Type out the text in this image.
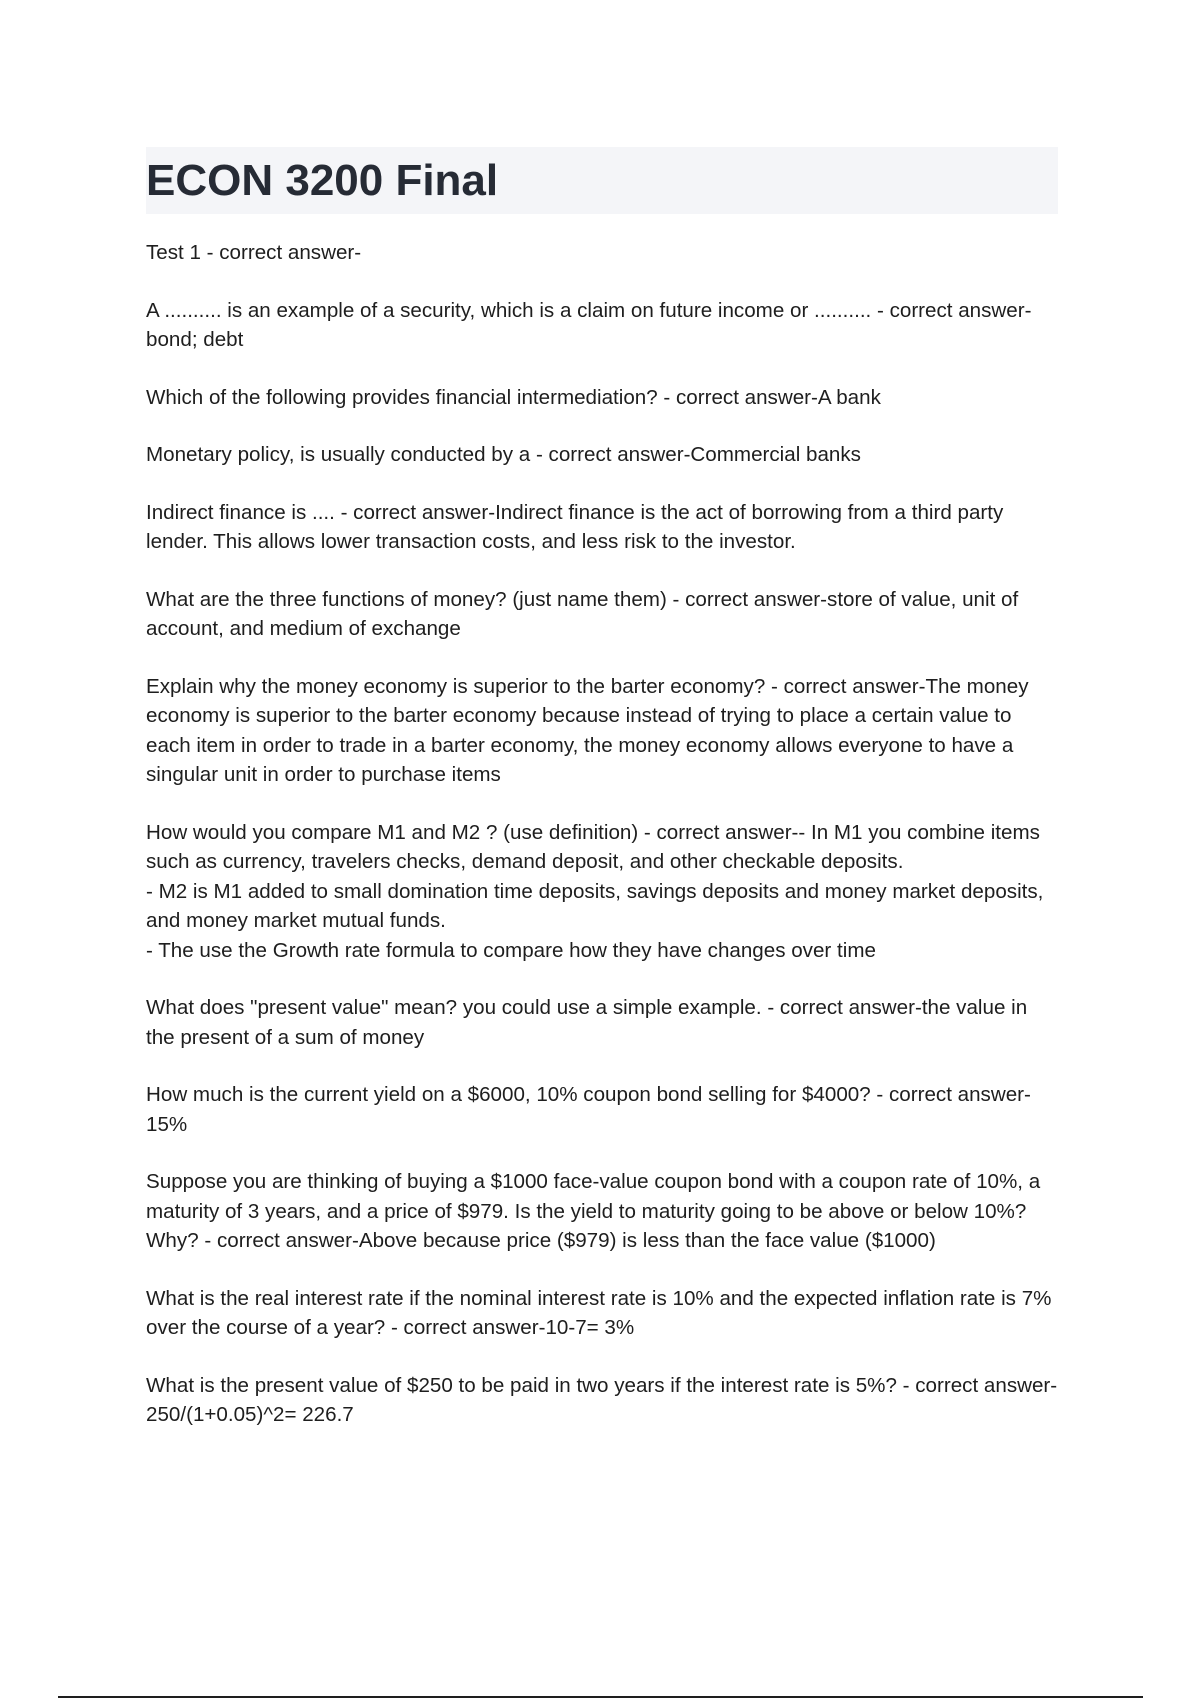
ECON 3200 Final

Test 1 - correct answer-

A .......... is an example of a security, which is a claim on future income or .......... - correct answer-bond; debt

Which of the following provides financial intermediation? - correct answer-A bank

Monetary policy, is usually conducted by a - correct answer-Commercial banks

Indirect finance is .... - correct answer-Indirect finance is the act of borrowing from a third party lender. This allows lower transaction costs, and less risk to the investor.

What are the three functions of money? (just name them) - correct answer-store of value, unit of account, and medium of exchange

Explain why the money economy is superior to the barter economy? - correct answer-The money economy is superior to the barter economy because instead of trying to place a certain value to each item in order to trade in a barter economy, the money economy allows everyone to have a singular unit in order to purchase items

How would you compare M1 and M2 ? (use definition) - correct answer-- In M1 you combine items such as currency, travelers checks, demand deposit, and other checkable deposits.
- M2 is M1 added to small domination time deposits, savings deposits and money market deposits, and money market mutual funds.
- The use the Growth rate formula to compare how they have changes over time

What does "present value" mean? you could use a simple example. - correct answer-the value in the present of a sum of money

How much is the current yield on a $6000, 10% coupon bond selling for $4000? - correct answer-15%

Suppose you are thinking of buying a $1000 face-value coupon bond with a coupon rate of 10%, a maturity of 3 years, and a price of $979. Is the yield to maturity going to be above or below 10%? Why? - correct answer-Above because price ($979) is less than the face value ($1000)

What is the real interest rate if the nominal interest rate is 10% and the expected inflation rate is 7% over the course of a year? - correct answer-10-7= 3%

What is the present value of $250 to be paid in two years if the interest rate is 5%? - correct answer-250/(1+0.05)^2= 226.7
